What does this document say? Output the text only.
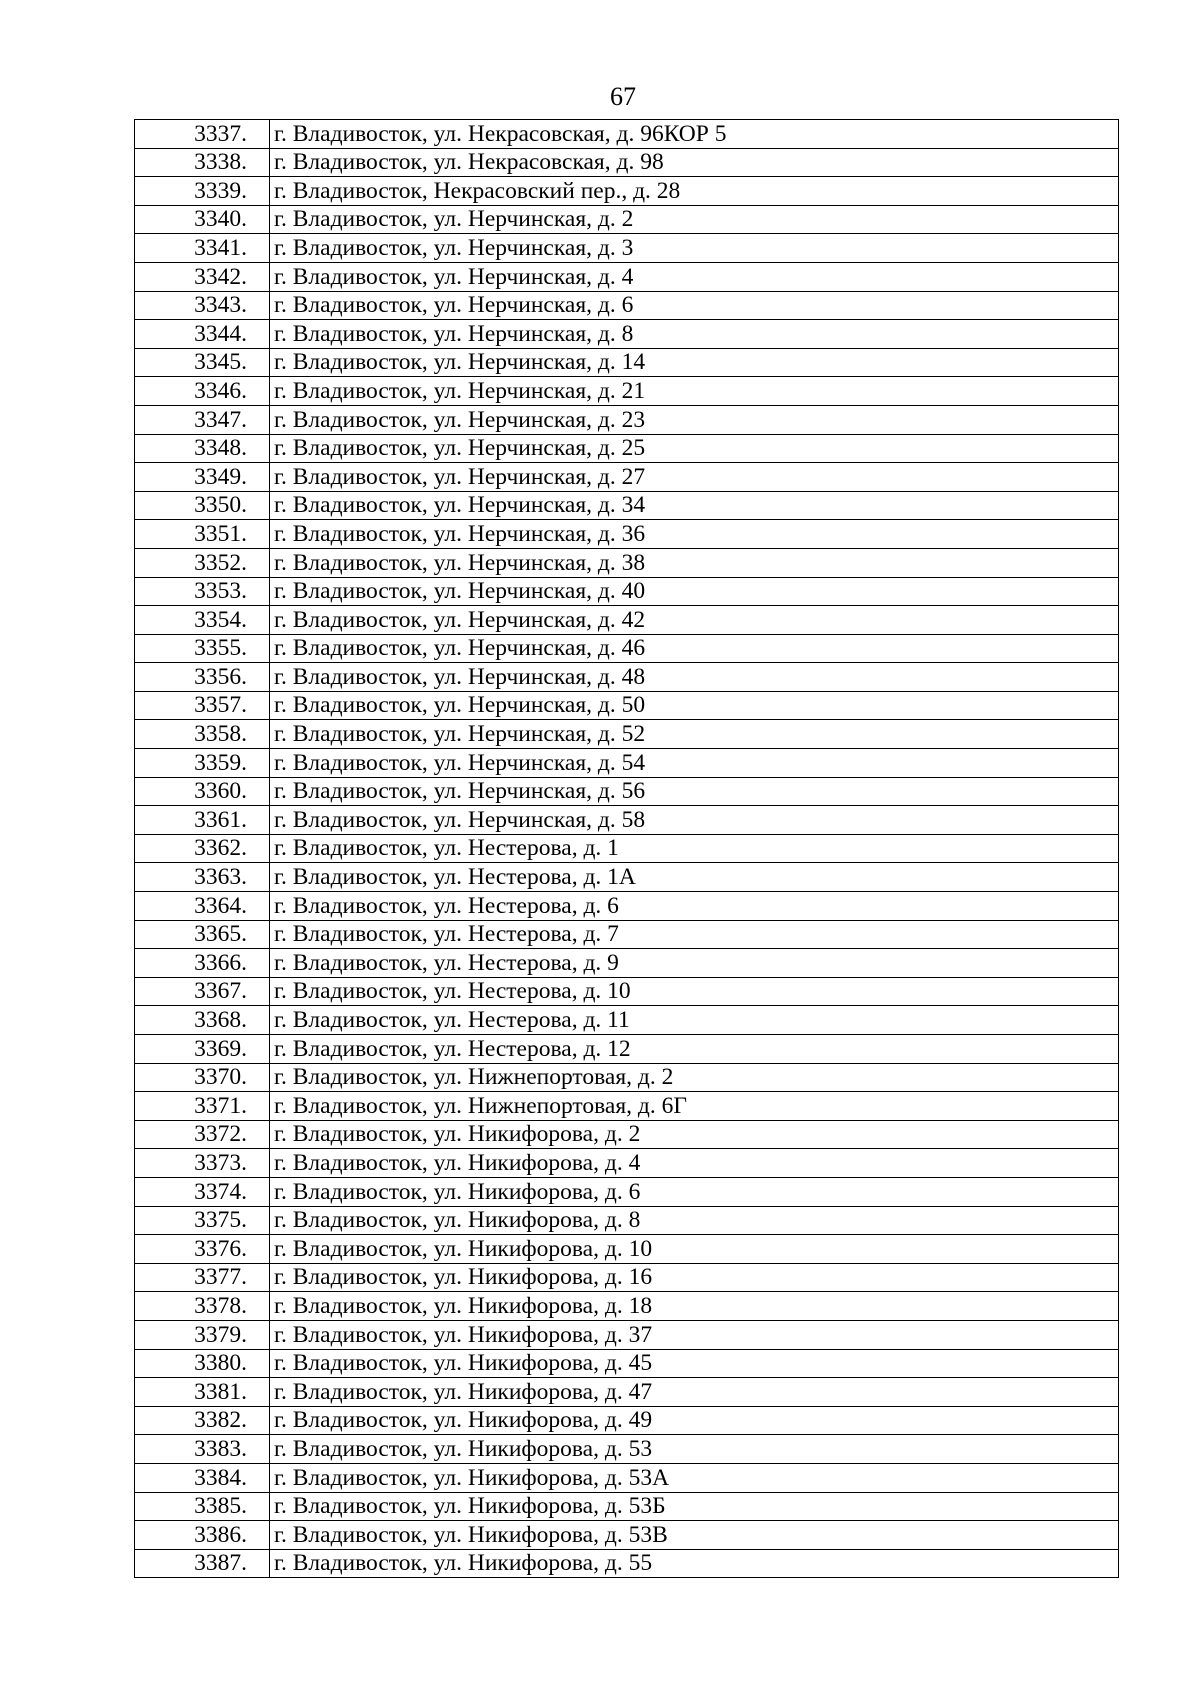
67
3337.	г. Владивосток, ул. Некрасовская, д. 96КОР 5
3338.	г. Владивосток, ул. Некрасовская, д. 98
3339.	г. Владивосток, Некрасовский пер., д. 28
3340.	г. Владивосток, ул. Нерчинская, д. 2
3341.	г. Владивосток, ул. Нерчинская, д. 3
3342.	г. Владивосток, ул. Нерчинская, д. 4
3343.	г. Владивосток, ул. Нерчинская, д. 6
3344.	г. Владивосток, ул. Нерчинская, д. 8
3345.	г. Владивосток, ул. Нерчинская, д. 14
3346.	г. Владивосток, ул. Нерчинская, д. 21
3347.	г. Владивосток, ул. Нерчинская, д. 23
3348.	г. Владивосток, ул. Нерчинская, д. 25
3349.	г. Владивосток, ул. Нерчинская, д. 27
3350.	г. Владивосток, ул. Нерчинская, д. 34
3351.	г. Владивосток, ул. Нерчинская, д. 36
3352.	г. Владивосток, ул. Нерчинская, д. 38
3353.	г. Владивосток, ул. Нерчинская, д. 40
3354.	г. Владивосток, ул. Нерчинская, д. 42
3355.	г. Владивосток, ул. Нерчинская, д. 46
3356.	г. Владивосток, ул. Нерчинская, д. 48
3357.	г. Владивосток, ул. Нерчинская, д. 50
3358.	г. Владивосток, ул. Нерчинская, д. 52
3359.	г. Владивосток, ул. Нерчинская, д. 54
3360.	г. Владивосток, ул. Нерчинская, д. 56
3361.	г. Владивосток, ул. Нерчинская, д. 58
3362.	г. Владивосток, ул. Нестерова, д. 1
3363.	г. Владивосток, ул. Нестерова, д. 1А
3364.	г. Владивосток, ул. Нестерова, д. 6
3365.	г. Владивосток, ул. Нестерова, д. 7
3366.	г. Владивосток, ул. Нестерова, д. 9
3367.	г. Владивосток, ул. Нестерова, д. 10
3368.	г. Владивосток, ул. Нестерова, д. 11
3369.	г. Владивосток, ул. Нестерова, д. 12
3370.	г. Владивосток, ул. Нижнепортовая, д. 2
3371.	г. Владивосток, ул. Нижнепортовая, д. 6Г
3372.	г. Владивосток, ул. Никифорова, д. 2
3373.	г. Владивосток, ул. Никифорова, д. 4
3374.	г. Владивосток, ул. Никифорова, д. 6
3375.	г. Владивосток, ул. Никифорова, д. 8
3376.	г. Владивосток, ул. Никифорова, д. 10
3377.	г. Владивосток, ул. Никифорова, д. 16
3378.	г. Владивосток, ул. Никифорова, д. 18
3379.	г. Владивосток, ул. Никифорова, д. 37
3380.	г. Владивосток, ул. Никифорова, д. 45
3381.	г. Владивосток, ул. Никифорова, д. 47
3382.	г. Владивосток, ул. Никифорова, д. 49
3383.	г. Владивосток, ул. Никифорова, д. 53
3384.	г. Владивосток, ул. Никифорова, д. 53А
3385.	г. Владивосток, ул. Никифорова, д. 53Б
3386.	г. Владивосток, ул. Никифорова, д. 53В
3387.	г. Владивосток, ул. Никифорова, д. 55
